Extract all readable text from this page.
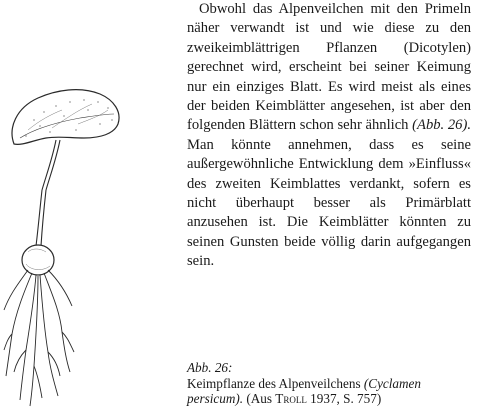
Obwohl das Alpenveilchen mit den Primeln näher verwandt ist und wie diese zu den zweikeimblättrigen Pflanzen (Dicotylen) gerechnet wird, erscheint bei seiner Keimung nur ein einziges Blatt. Es wird meist als eines der beiden Keimblätter angesehen, ist aber den folgenden Blättern schon sehr ähnlich (Abb. 26). Man könnte annehmen, dass es seine außergewöhnliche Entwicklung dem »Einfluss« des zweiten Keimblattes verdankt, sofern es nicht überhaupt besser als Primärblatt anzusehen ist. Die Keimblätter könnten zu seinen Gunsten beide völlig darin aufgegangen sein.

Abb. 26:
Keimpflanze des Alpenveilchens (Cyclamen persicum). (Aus Troll 1937, S. 757)
